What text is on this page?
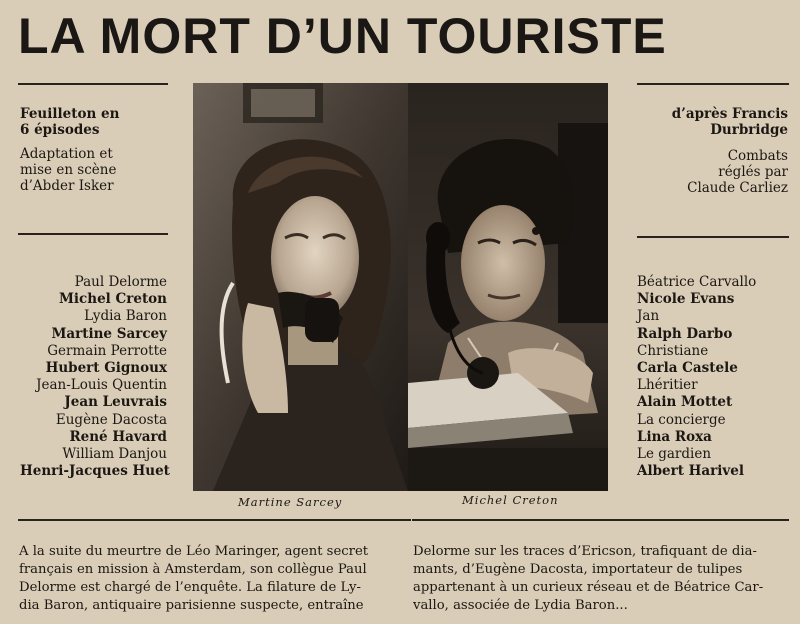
LA MORT D’UN TOURISTE
Feuilleton en
6 épisodes
Adaptation et
mise en scène
d’Abder Isker
d’après Francis
Durbridge
Combats
réglés par
Claude Carliez
Paul Delorme
Michel Creton
Lydia Baron
Martine Sarcey
Germain Perrotte
Hubert Gignoux
Jean-Louis Quentin
Jean Leuvrais
Eugène Dacosta
René Havard
William Danjou
Henri-Jacques Huet
Béatrice Carvallo
Nicole Evans
Jan
Ralph Darbo
Christiane
Carla Castele
Lhéritier
Alain Mottet
La concierge
Lina Roxa
Le gardien
Albert Harivel
Martine Sarcey	Michel Creton
A la suite du meurtre de Léo Maringer, agent secret
français en mission à Amsterdam, son collègue Paul
Delorme est chargé de l’enquête. La filature de Ly-
dia Baron, antiquaire parisienne suspecte, entraîne
Delorme sur les traces d’Ericson, trafiquant de dia-
mants, d’Eugène Dacosta, importateur de tulipes
appartenant à un curieux réseau et de Béatrice Car-
vallo, associée de Lydia Baron...
